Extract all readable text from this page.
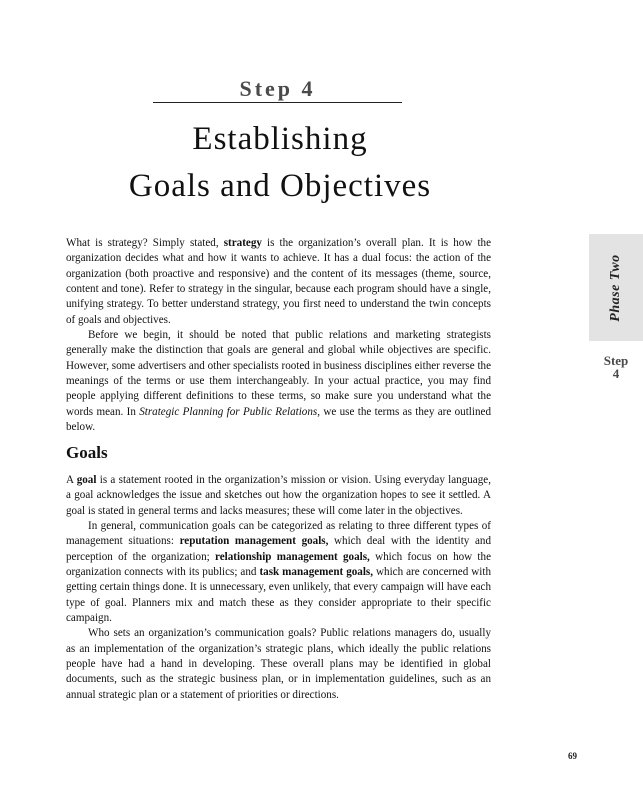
Step 4
Establishing
Goals and Objectives
Phase Two
Step
4

What is strategy? Simply stated, strategy is the organization’s overall plan. It is how the organization decides what and how it wants to achieve. It has a dual focus: the action of the organization (both proactive and responsive) and the content of its messages (theme, source, content and tone). Refer to strategy in the singular, because each program should have a single, unifying strategy. To better understand strategy, you first need to understand the twin concepts of goals and objectives.

Before we begin, it should be noted that public relations and marketing strategists generally make the distinction that goals are general and global while objectives are specific. However, some advertisers and other specialists rooted in business disciplines either reverse the meanings of the terms or use them interchangeably. In your actual practice, you may find people applying different definitions to these terms, so make sure you understand what the words mean. In Strategic Planning for Public Relations, we use the terms as they are outlined below.

Goals

A goal is a statement rooted in the organization’s mission or vision. Using everyday language, a goal acknowledges the issue and sketches out how the organization hopes to see it settled. A goal is stated in general terms and lacks measures; these will come later in the objectives.

In general, communication goals can be categorized as relating to three different types of management situations: reputation management goals, which deal with the identity and perception of the organization; relationship management goals, which focus on how the organization connects with its publics; and task management goals, which are concerned with getting certain things done. It is unnecessary, even unlikely, that every campaign will have each type of goal. Planners mix and match these as they consider appropriate to their specific campaign.

Who sets an organization’s communication goals? Public relations managers do, usually as an implementation of the organization’s strategic plans, which ideally the public relations people have had a hand in developing. These overall plans may be identified in global documents, such as the strategic business plan, or in implementation guidelines, such as an annual strategic plan or a statement of priorities or directions.

69
